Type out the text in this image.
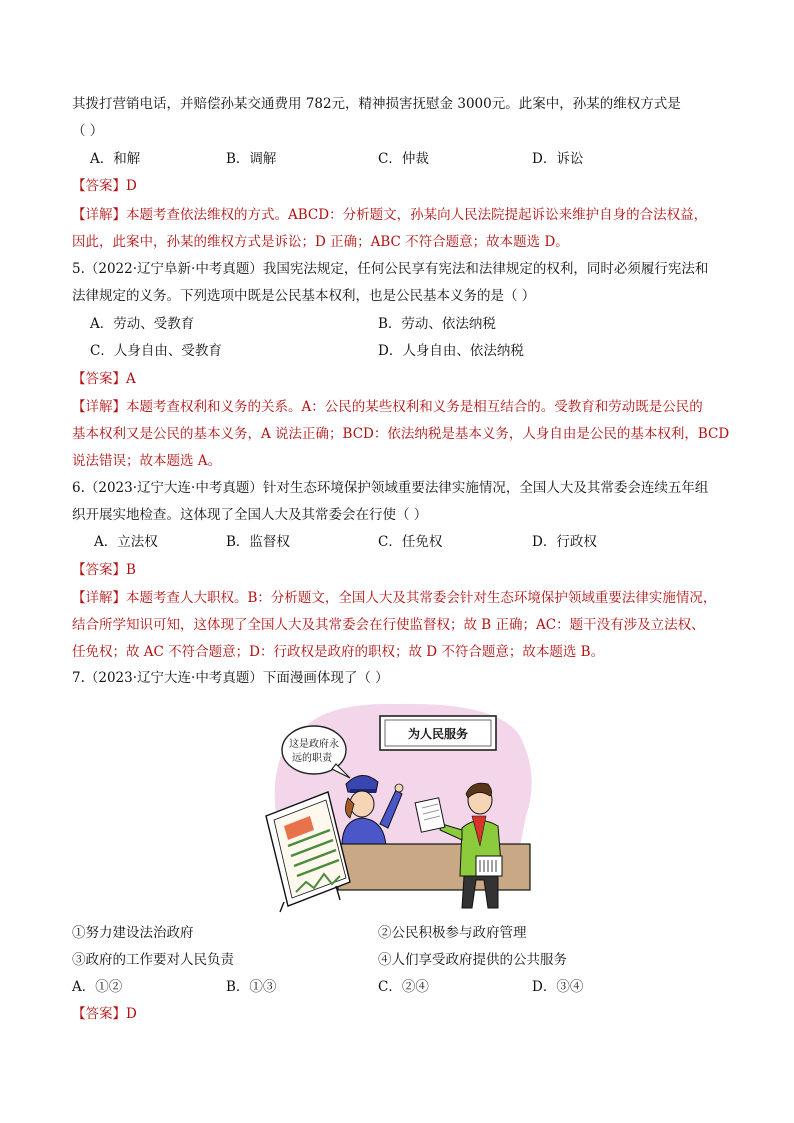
其拨打营销电话，并赔偿孙某交通费用 782元，精神损害抚慰金 3000元。此案中，孙某的维权方式是
（ ）
A．和解	B．调解	C．仲裁	D．诉讼
【答案】D
【详解】本题考查依法维权的方式。ABCD：分析题文，孙某向人民法院提起诉讼来维护自身的合法权益，
因此，此案中，孙某的维权方式是诉讼；D 正确；ABC 不符合题意；故本题选 D。
5.（2022·辽宁阜新·中考真题）我国宪法规定，任何公民享有宪法和法律规定的权利，同时必须履行宪法和
法律规定的义务。下列选项中既是公民基本权利，也是公民基本义务的是（ ）
A．劳动、受教育	B．劳动、依法纳税
C．人身自由、受教育	D．人身自由、依法纳税
【答案】A
【详解】本题考查权利和义务的关系。A：公民的某些权利和义务是相互结合的。受教育和劳动既是公民的
基本权利又是公民的基本义务，A 说法正确；BCD：依法纳税是基本义务，人身自由是公民的基本权利，BCD
说法错误；故本题选 A。
6.（2023·辽宁大连·中考真题）针对生态环境保护领域重要法律实施情况，全国人大及其常委会连续五年组
织开展实地检查。这体现了全国人大及其常委会在行使（ ）
A．立法权	B．监督权	C．任免权	D．行政权
【答案】B
【详解】本题考查人大职权。B：分析题文，全国人大及其常委会针对生态环境保护领域重要法律实施情况，
结合所学知识可知，这体现了全国人大及其常委会在行使监督权；故 B 正确；AC：题干没有涉及立法权、
任免权；故 AC 不符合题意；D：行政权是政府的职权；故 D 不符合题意；故本题选 B。
7.（2023·辽宁大连·中考真题）下面漫画体现了（ ）
为人民服务
这是政府永
远的职责
①努力建设法治政府	②公民积极参与政府管理
③政府的工作要对人民负责	④人们享受政府提供的公共服务
A．①②	B．①③	C．②④	D．③④
【答案】D
